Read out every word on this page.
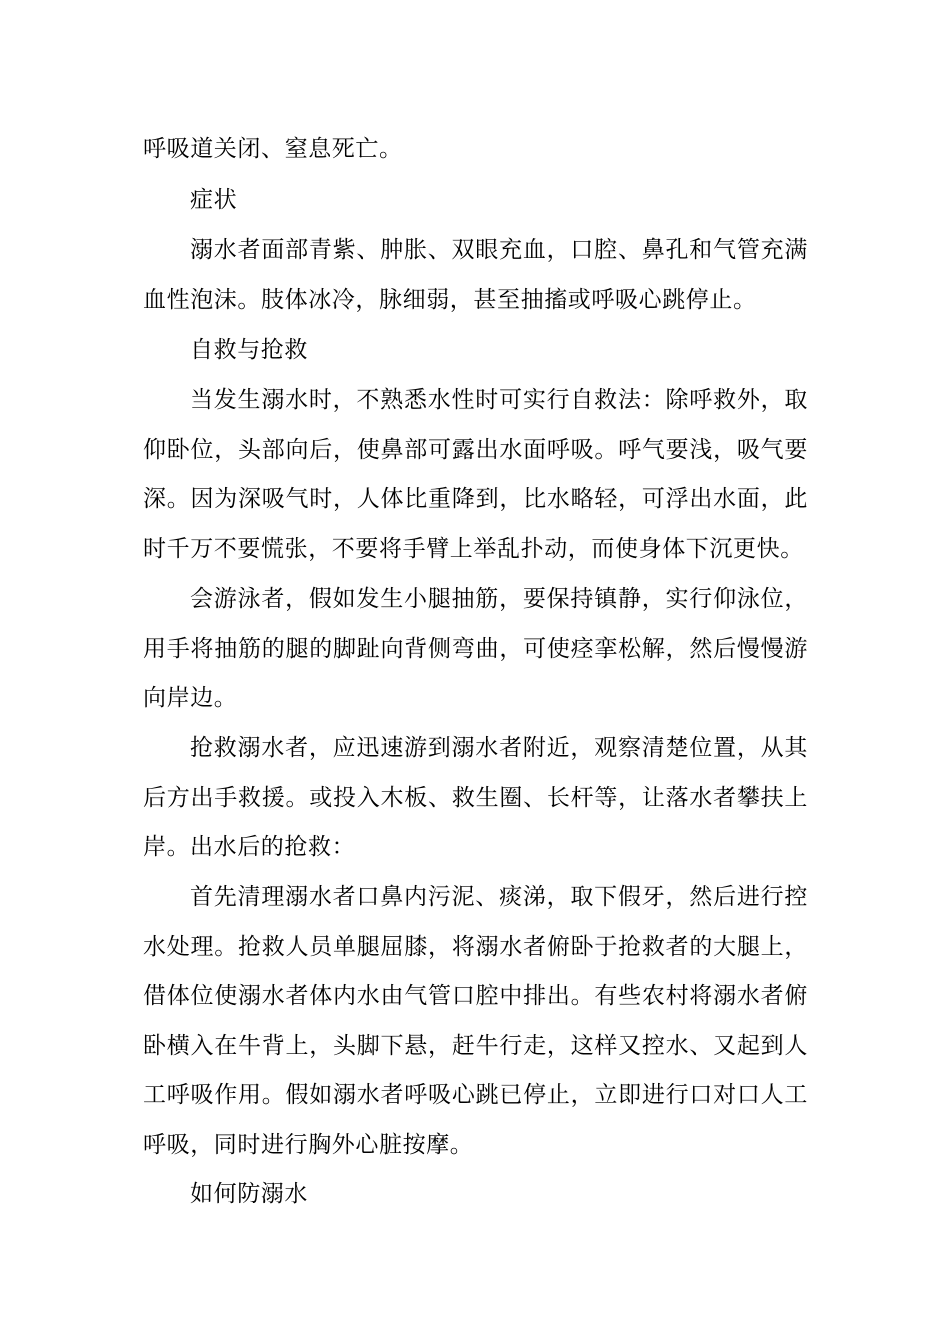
呼吸道关闭、窒息死亡。

症状

溺水者面部青紫、肿胀、双眼充血，口腔、鼻孔和气管充满血性泡沫。肢体冰冷，脉细弱，甚至抽搐或呼吸心跳停止。

自救与抢救

当发生溺水时，不熟悉水性时可实行自救法：除呼救外，取仰卧位，头部向后，使鼻部可露出水面呼吸。呼气要浅，吸气要深。因为深吸气时，人体比重降到，比水略轻，可浮出水面，此时千万不要慌张，不要将手臂上举乱扑动，而使身体下沉更快。

会游泳者，假如发生小腿抽筋，要保持镇静，实行仰泳位，用手将抽筋的腿的脚趾向背侧弯曲，可使痉挛松解，然后慢慢游向岸边。

抢救溺水者，应迅速游到溺水者附近，观察清楚位置，从其后方出手救援。或投入木板、救生圈、长杆等，让落水者攀扶上岸。 出水后的抢救：

首先清理溺水者口鼻内污泥、痰涕，取下假牙，然后进行控水处理。抢救人员单腿屈膝，将溺水者俯卧于抢救者的大腿上，借体位使溺水者体内水由气管口腔中排出。有些农村将溺水者俯卧横入在牛背上，头脚下悬，赶牛行走，这样又控水、又起到人工呼吸作用。假如溺水者呼吸心跳已停止，立即进行口对口人工呼吸，同时进行胸外心脏按摩。

如何防溺水
